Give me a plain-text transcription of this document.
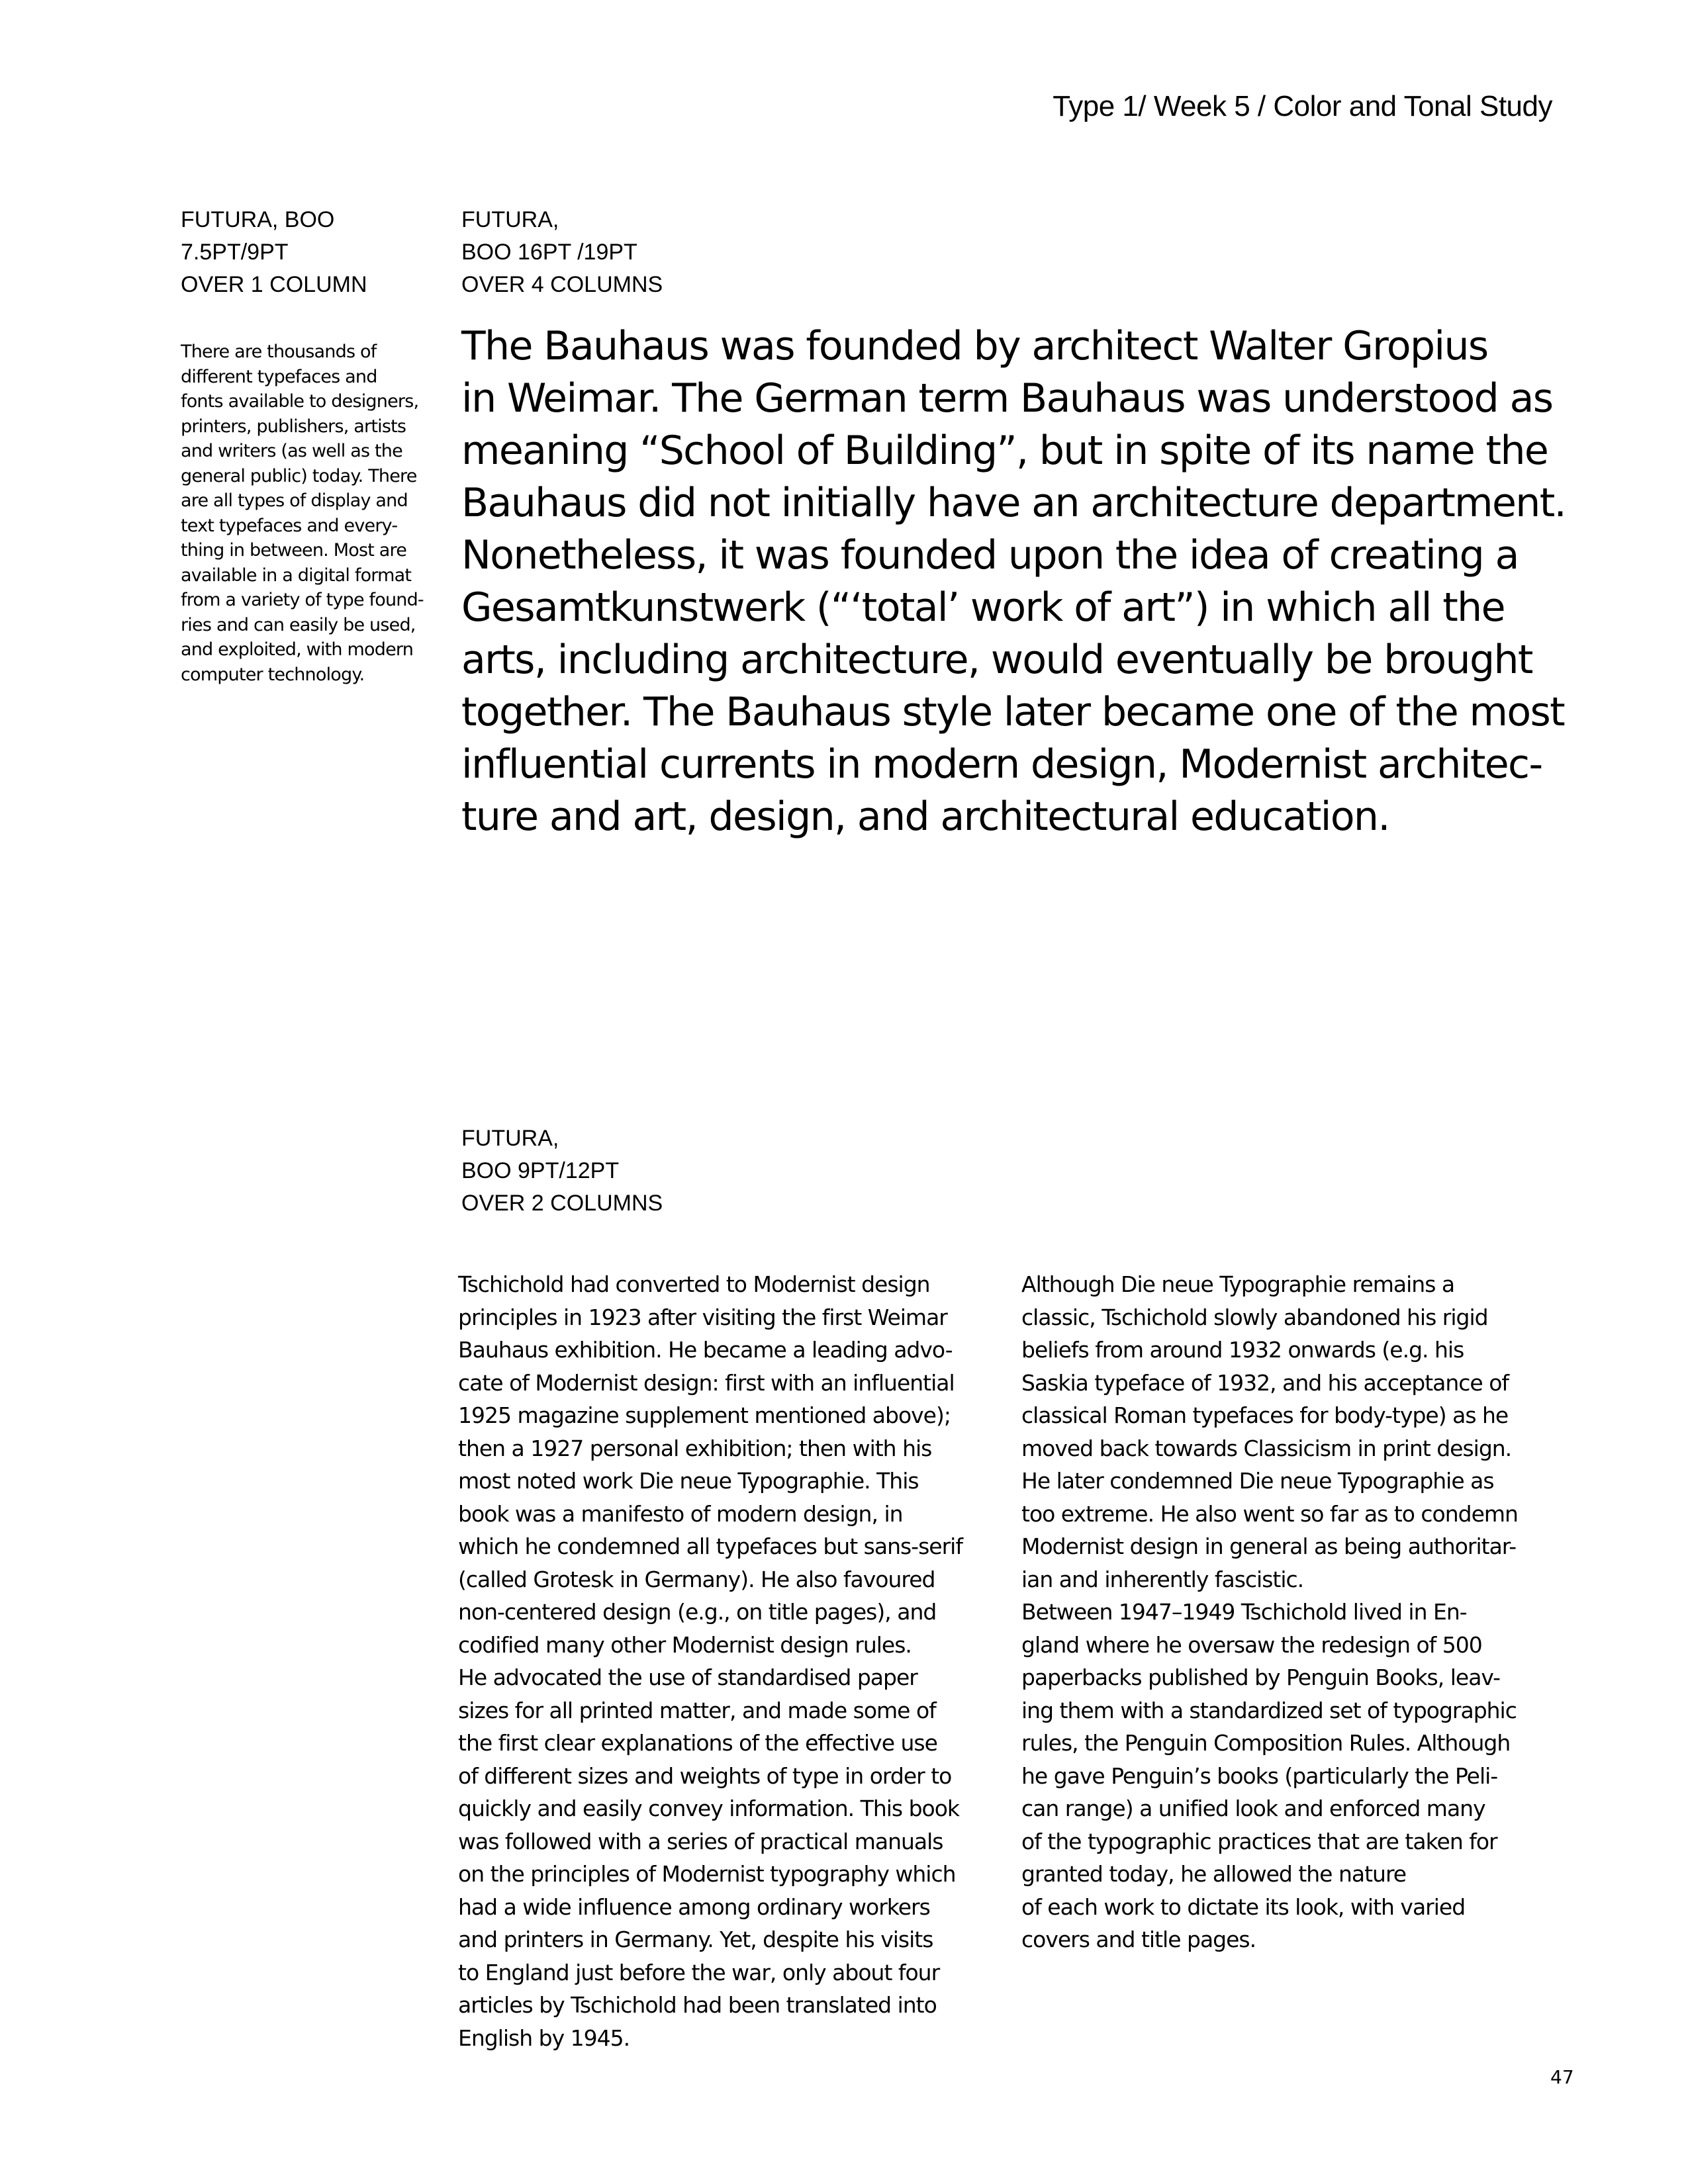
Type 1/ Week 5 / Color and Tonal Study
FUTURA, BOO
7.5PT/9PT
OVER 1 COLUMN
There are thousands of
different typefaces and
fonts available to designers,
printers, publishers, artists
and writers (as well as the
general public) today. There
are all types of display and
text typefaces and every-
thing in between. Most are
available in a digital format
from a variety of type found-
ries and can easily be used,
and exploited, with modern
computer technology.
FUTURA,
BOO 16PT /19PT
OVER 4 COLUMNS
The Bauhaus was founded by architect Walter Gropius
in Weimar. The German term Bauhaus was understood as
meaning “School of Building”, but in spite of its name the
Bauhaus did not initially have an architecture department.
Nonetheless, it was founded upon the idea of creating a
Gesamtkunstwerk (“‘total’ work of art”) in which all the
arts, including architecture, would eventually be brought
together. The Bauhaus style later became one of the most
influential currents in modern design, Modernist architec-
ture and art, design, and architectural education.
FUTURA,
BOO 9PT/12PT
OVER 2 COLUMNS
Tschichold had converted to Modernist design
principles in 1923 after visiting the first Weimar
Bauhaus exhibition. He became a leading advo-
cate of Modernist design: first with an influential
1925 magazine supplement mentioned above);
then a 1927 personal exhibition; then with his
most noted work Die neue Typographie. This
book was a manifesto of modern design, in
which he condemned all typefaces but sans-serif
(called Grotesk in Germany). He also favoured
non-centered design (e.g., on title pages), and
codified many other Modernist design rules.
He advocated the use of standardised paper
sizes for all printed matter, and made some of
the first clear explanations of the effective use
of different sizes and weights of type in order to
quickly and easily convey information. This book
was followed with a series of practical manuals
on the principles of Modernist typography which
had a wide influence among ordinary workers
and printers in Germany. Yet, despite his visits
to England just before the war, only about four
articles by Tschichold had been translated into
English by 1945.
Although Die neue Typographie remains a
classic, Tschichold slowly abandoned his rigid
beliefs from around 1932 onwards (e.g. his
Saskia typeface of 1932, and his acceptance of
classical Roman typefaces for body-type) as he
moved back towards Classicism in print design.
He later condemned Die neue Typographie as
too extreme. He also went so far as to condemn
Modernist design in general as being authoritar-
ian and inherently fascistic.
Between 1947–1949 Tschichold lived in En-
gland where he oversaw the redesign of 500
paperbacks published by Penguin Books, leav-
ing them with a standardized set of typographic
rules, the Penguin Composition Rules. Although
he gave Penguin’s books (particularly the Peli-
can range) a unified look and enforced many
of the typographic practices that are taken for
granted today, he allowed the nature
of each work to dictate its look, with varied
covers and title pages.
47
